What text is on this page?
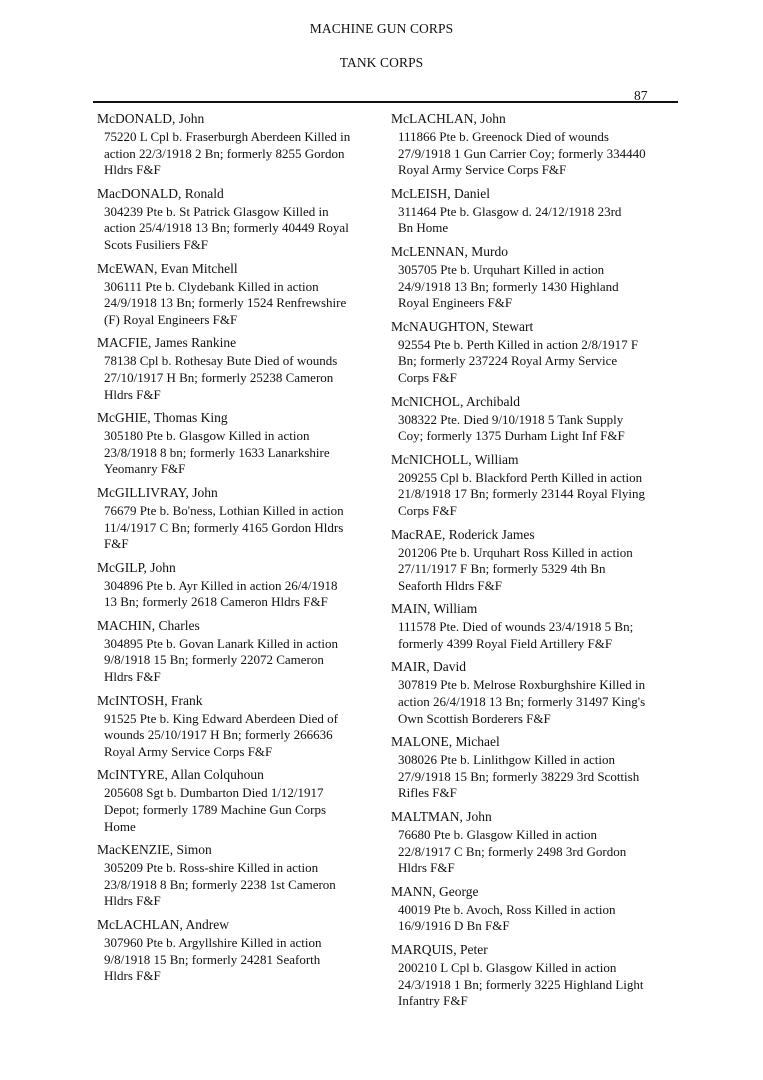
MACHINE GUN CORPS
TANK CORPS
87
McDONALD, John
75220 L Cpl b. Fraserburgh Aberdeen Killed in
action 22/3/1918 2 Bn; formerly 8255 Gordon
Hldrs F&F
MacDONALD, Ronald
304239 Pte b. St Patrick Glasgow Killed in
action 25/4/1918 13 Bn; formerly 40449 Royal
Scots Fusiliers F&F
McEWAN, Evan Mitchell
306111 Pte b. Clydebank Killed in action
24/9/1918 13 Bn; formerly 1524 Renfrewshire
(F) Royal Engineers F&F
MACFIE, James Rankine
78138 Cpl b. Rothesay Bute Died of wounds
27/10/1917 H Bn; formerly 25238 Cameron
Hldrs F&F
McGHIE, Thomas King
305180 Pte b. Glasgow Killed in action
23/8/1918 8 bn; formerly 1633 Lanarkshire
Yeomanry F&F
McGILLIVRAY, John
76679 Pte b. Bo'ness, Lothian Killed in action
11/4/1917 C Bn; formerly 4165 Gordon Hldrs
F&F
McGILP, John
304896 Pte b. Ayr Killed in action 26/4/1918
13 Bn; formerly 2618 Cameron Hldrs F&F
MACHIN, Charles
304895 Pte b. Govan Lanark Killed in action
9/8/1918 15 Bn; formerly 22072 Cameron
Hldrs F&F
McINTOSH, Frank
91525 Pte b. King Edward Aberdeen Died of
wounds 25/10/1917 H Bn; formerly 266636
Royal Army Service Corps F&F
McINTYRE, Allan Colquhoun
205608 Sgt b. Dumbarton Died 1/12/1917
Depot; formerly 1789 Machine Gun Corps
Home
MacKENZIE, Simon
305209 Pte b. Ross-shire Killed in action
23/8/1918 8 Bn; formerly 2238 1st Cameron
Hldrs F&F
McLACHLAN, Andrew
307960 Pte b. Argyllshire Killed in action
9/8/1918 15 Bn; formerly 24281 Seaforth
Hldrs F&F
McLACHLAN, John
111866 Pte b. Greenock Died of wounds
27/9/1918 1 Gun Carrier Coy; formerly 334440
Royal Army Service Corps F&F
McLEISH, Daniel
311464 Pte b. Glasgow d. 24/12/1918 23rd
Bn Home
McLENNAN, Murdo
305705 Pte b. Urquhart Killed in action
24/9/1918 13 Bn; formerly 1430 Highland
Royal Engineers F&F
McNAUGHTON, Stewart
92554 Pte b. Perth Killed in action 2/8/1917 F
Bn; formerly 237224 Royal Army Service
Corps F&F
McNICHOL, Archibald
308322 Pte. Died 9/10/1918 5 Tank Supply
Coy; formerly 1375 Durham Light Inf F&F
McNICHOLL, William
209255 Cpl b. Blackford Perth Killed in action
21/8/1918 17 Bn; formerly 23144 Royal Flying
Corps F&F
MacRAE, Roderick James
201206 Pte b. Urquhart Ross Killed in action
27/11/1917 F Bn; formerly 5329 4th Bn
Seaforth Hldrs F&F
MAIN, William
111578 Pte. Died of wounds 23/4/1918 5 Bn;
formerly 4399 Royal Field Artillery F&F
MAIR, David
307819 Pte b. Melrose Roxburghshire Killed in
action 26/4/1918 13 Bn; formerly 31497 King's
Own Scottish Borderers F&F
MALONE, Michael
308026 Pte b. Linlithgow Killed in action
27/9/1918 15 Bn; formerly 38229 3rd Scottish
Rifles F&F
MALTMAN, John
76680 Pte b. Glasgow Killed in action
22/8/1917 C Bn; formerly 2498 3rd Gordon
Hldrs F&F
MANN, George
40019 Pte b. Avoch, Ross Killed in action
16/9/1916 D Bn F&F
MARQUIS, Peter
200210 L Cpl b. Glasgow Killed in action
24/3/1918 1 Bn; formerly 3225 Highland Light
Infantry F&F
